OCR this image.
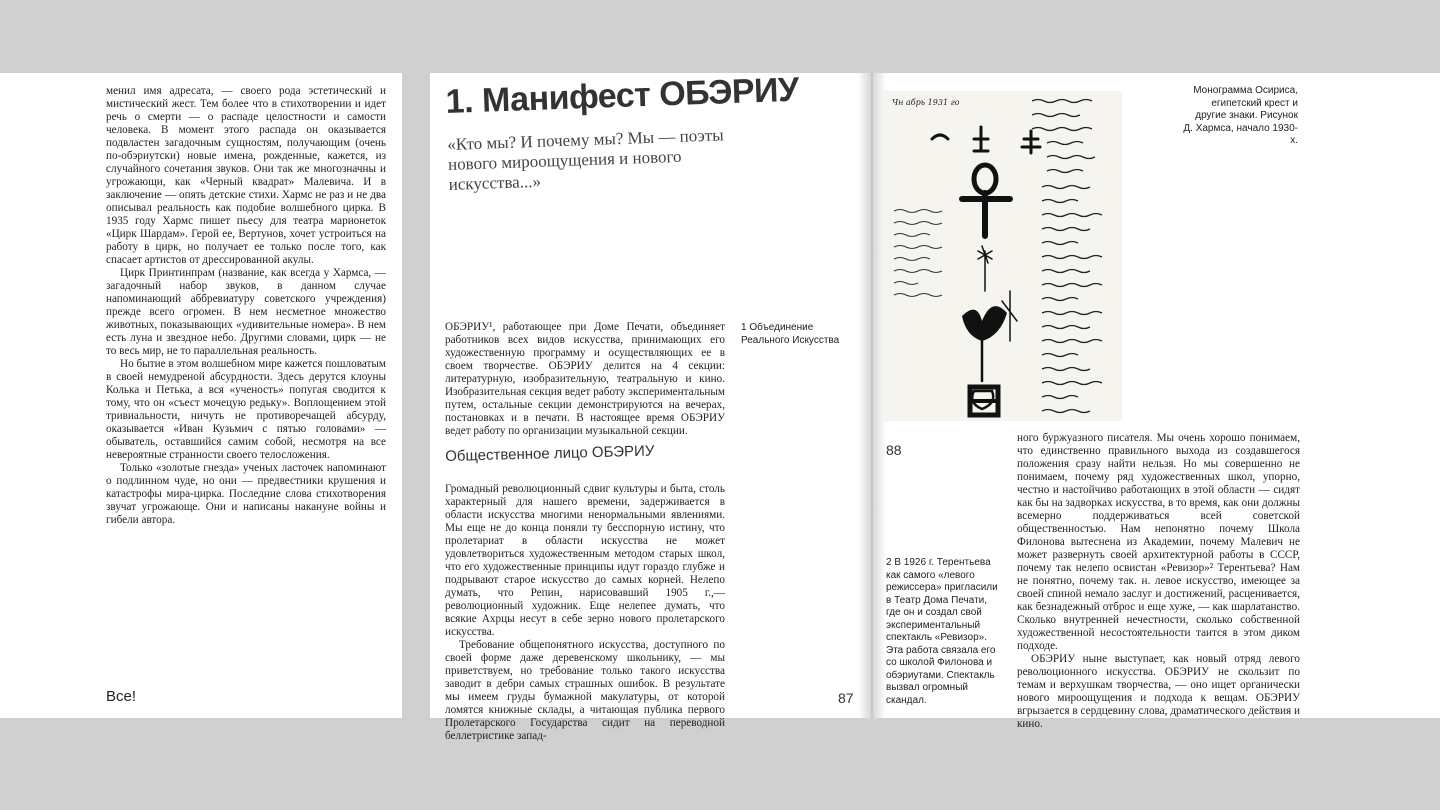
менил имя адресата, — своего рода эстетический и мистический жест. Тем более что в стихотворении и идет речь о смерти — о распаде целостности и самости человека. В момент этого распада он оказывается подвластен загадочным сущностям, получающим (очень по-обэриутски) новые имена, рожденные, кажется, из случайного сочетания звуков. Они так же многозначны и угрожающи, как «Черный квадрат» Малевича. И в заключение — опять детские стихи. Хармс не раз и не два описывал реальность как подобие волшебного цирка. В 1935 году Хармс пишет пьесу для театра марионеток «Цирк Шардам». Герой ее, Вертунов, хочет устроиться на работу в цирк, но получает ее только после того, как спасает артистов от дрессированной акулы.

Цирк Принтинпрам (название, как всегда у Хармса, — загадочный набор звуков, в данном случае напоминающий аббревиатуру советского учреждения) прежде всего огромен. В нем несметное множество животных, показывающих «удивительные номера». В нем есть луна и звездное небо. Другими словами, цирк — не то весь мир, не то параллельная реальность.

Но бытие в этом волшебном мире кажется пошловатым в своей немудреной абсурдности. Здесь дерутся клоуны Колька и Петька, а вся «ученость» попугая сводится к тому, что он «съест мочецую редьку». Воплощением этой тривиальности, ничуть не противоречащей абсурду, оказывается «Иван Кузьмич с пятью головами» — обыватель, оставшийся самим собой, несмотря на все невероятные странности своего телосложения.

Только «золотые гнезда» ученых ласточек напоминают о подлинном чуде, но они — предвестники крушения и катастрофы мира-цирка. Последние слова стихотворения звучат угрожающе. Они и написаны накануне войны и гибели автора.

Все!
1. Манифест ОБЭРИУ
«Кто мы? И почему мы? Мы — поэты нового мироощущения и нового искусства...»

ОБЭРИУ¹, работающее при Доме Печати, объединяет работников всех видов искусства, принимающих его художественную программу и осуществляющих ее в своем творчестве. ОБЭРИУ делится на 4 секции: литературную, изобразительную, театральную и кино. Изобразительная секция ведет работу экспериментальным путем, остальные секции демонстрируются на вечерах, постановках и в печати. В настоящее время ОБЭРИУ ведет работу по организации музыкальной секции.

1 Объединение Реального Искусства
Общественное лицо ОБЭРИУ

Громадный революционный сдвиг культуры и быта, столь характерный для нашего времени, задерживается в области искусства многими ненормальными явлениями. Мы еще не до конца поняли ту бесспорную истину, что пролетариат в области искусства не может удовлетвориться художественным методом старых школ, что его художественные принципы идут гораздо глубже и подрывают старое искусство до самых корней. Нелепо думать, что Репин, нарисовавший 1905 г.,— революционный художник. Еще нелепее думать, что всякие Ахрцы несут в себе зерно нового пролетарского искусства.

Требование общепонятного искусства, доступного по своей форме даже деревенскому школьнику, — мы приветствуем, но требование только такого искусства заводит в дебри самых страшных ошибок. В результате мы имеем груды бумажной макулатуры, от которой ломятся книжные склады, а читающая публика первого Пролетарского Государства сидит на переводной беллетристике запад-

87
Чн абрь 1931 го
Монограмма Осириса, египетский крест и другие знаки. Рисунок Д. Хармса, начало 1930-х.
88
2 В 1926 г. Терентьева как самого «левого режиссера» пригласили в Театр Дома Печати, где он и создал свой экспериментальный спектакль «Ревизор». Эта работа связала его со школой Филонова и обэриутами. Спектакль вызвал огромный скандал.

ного буржуазного писателя. Мы очень хорошо понимаем, что единственно правильного выхода из создавшегося положения сразу найти нельзя. Но мы совершенно не понимаем, почему ряд художественных школ, упорно, честно и настойчиво работающих в этой области — сидят как бы на задворках искусства, в то время, как они должны всемерно поддерживаться всей советской общественностью. Нам непонятно почему Школа Филонова вытеснена из Академии, почему Малевич не может развернуть своей архитектурной работы в СССР, почему так нелепо освистан «Ревизор»² Терентьева? Нам не понятно, почему так. н. левое искусство, имеющее за своей спиной немало заслуг и достижений, расценивается, как безнадежный отброс и еще хуже, — как шарлатанство. Сколько внутренней нечестности, сколько собственной художественной несостоятельности таится в этом диком подходе.

ОБЭРИУ ныне выступает, как новый отряд левого революционного искусства. ОБЭРИУ не скользит по темам и верхушкам творчества, — оно ищет органически нового мироощущения и подхода к вещам. ОБЭРИУ вгрызается в сердцевину слова, драматического действия и кино.
